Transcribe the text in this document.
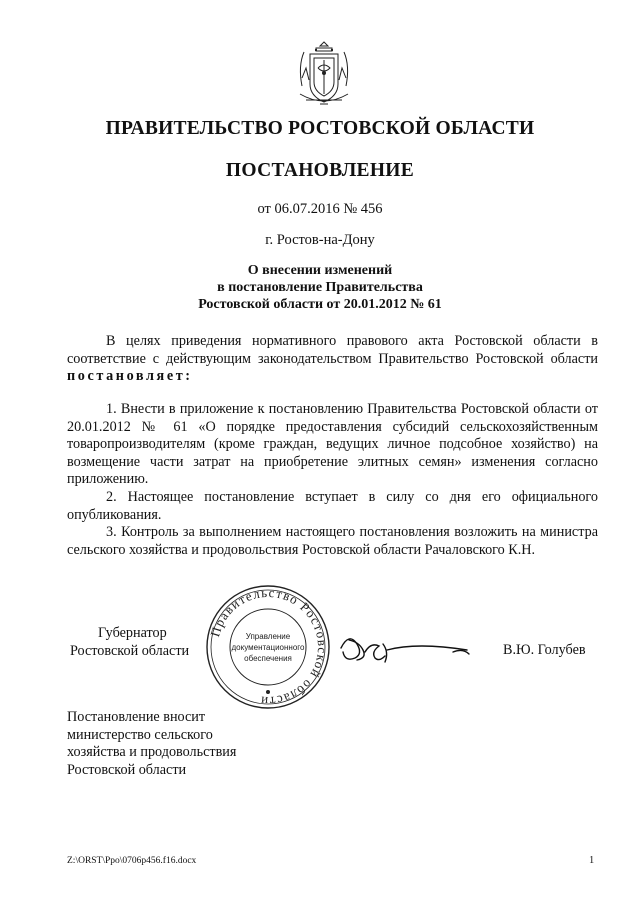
ПРАВИТЕЛЬСТВО РОСТОВСКОЙ ОБЛАСТИ
ПОСТАНОВЛЕНИЕ
от 06.07.2016 № 456
г. Ростов-на-Дону
О внесении изменений
в постановление Правительства
Ростовской области от 20.01.2012 № 61

В целях приведения нормативного правового акта Ростовской области в соответствие с действующим законодательством Правительство Ростовской области постановляет:

1. Внести в приложение к постановлению Правительства Ростовской области от 20.01.2012 № 61 «О порядке предоставления субсидий сельскохозяйственным товаропроизводителям (кроме граждан, ведущих личное подсобное хозяйство) на возмещение части затрат на приобретение элитных семян» изменения согласно приложению.

2. Настоящее постановление вступает в силу со дня его официального опубликования.

3. Контроль за выполнением настоящего постановления возложить на министра сельского хозяйства и продовольствия Ростовской области Рачаловского К.Н.

Губернатор
Ростовской области
Правительство Ростовской области
Управление
документационного
обеспечения
В.Ю. Голубев
Постановление вносит
министерство сельского
хозяйства и продовольствия
Ростовской области
Z:\ORST\Ppo\0706p456.f16.docx	1
